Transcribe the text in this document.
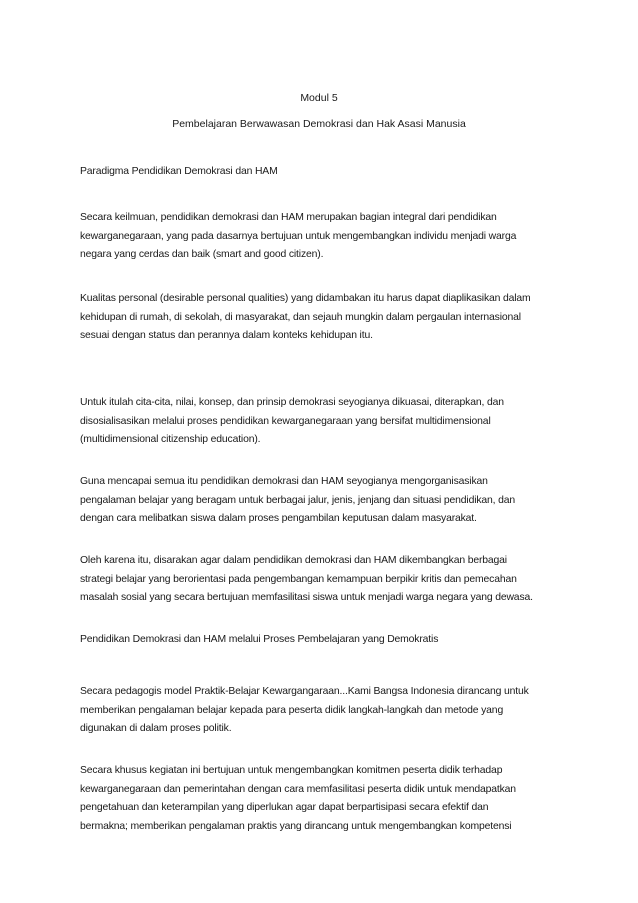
Modul 5
Pembelajaran Berwawasan Demokrasi dan Hak Asasi Manusia
Paradigma Pendidikan Demokrasi dan HAM
Secara keilmuan, pendidikan demokrasi dan HAM merupakan bagian integral dari pendidikan
kewarganegaraan, yang pada dasarnya bertujuan untuk mengembangkan individu menjadi warga
negara yang cerdas dan baik (smart and good citizen).
Kualitas personal (desirable personal qualities) yang didambakan itu harus dapat diaplikasikan dalam
kehidupan di rumah, di sekolah, di masyarakat, dan sejauh mungkin dalam pergaulan internasional
sesuai dengan status dan perannya dalam konteks kehidupan itu.
Untuk itulah cita-cita, nilai, konsep, dan prinsip demokrasi seyogianya dikuasai, diterapkan, dan
disosialisasikan melalui proses pendidikan kewarganegaraan yang bersifat multidimensional
(multidimensional citizenship education).
Guna mencapai semua itu pendidikan demokrasi dan HAM seyogianya mengorganisasikan
pengalaman belajar yang beragam untuk berbagai jalur, jenis, jenjang dan situasi pendidikan, dan
dengan cara melibatkan siswa dalam proses pengambilan keputusan dalam masyarakat.
Oleh karena itu, disarakan agar dalam pendidikan demokrasi dan HAM dikembangkan berbagai
strategi belajar yang berorientasi pada pengembangan kemampuan berpikir kritis dan pemecahan
masalah sosial yang secara bertujuan memfasilitasi siswa untuk menjadi warga negara yang dewasa.
Pendidikan Demokrasi dan HAM melalui Proses Pembelajaran yang Demokratis
Secara pedagogis model Praktik-Belajar Kewargangaraan...Kami Bangsa Indonesia dirancang untuk
memberikan pengalaman belajar kepada para peserta didik langkah-langkah dan metode yang
digunakan di dalam proses politik.
Secara khusus kegiatan ini bertujuan untuk mengembangkan komitmen peserta didik terhadap
kewarganegaraan dan pemerintahan dengan cara memfasilitasi peserta didik untuk mendapatkan
pengetahuan dan keterampilan yang diperlukan agar dapat berpartisipasi secara efektif dan
bermakna; memberikan pengalaman praktis yang dirancang untuk mengembangkan kompetensi
